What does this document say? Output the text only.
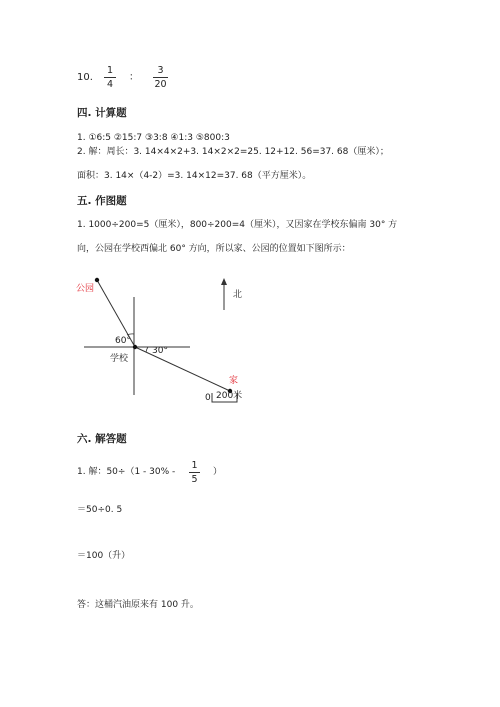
10.
1
4
：
3
20
四. 计算题
1. ①6:5 ②15:7 ③3:8 ④1:3 ⑤800:3
2. 解：周长：3. 14×4×2+3. 14×2×2=25. 12+12. 56=37. 68（厘米）；
面积：3. 14×（4-2）=3. 14×12=37. 68（平方厘米）。
五. 作图题
1. 1000÷200=5（厘米），800÷200=4（厘米），又因家在学校东偏南 30° 方
向，公园在学校西偏北 60° 方向，所以家、公园的位置如下图所示：
公园
学校
家
北
60°
30°
0 200米
六. 解答题
1. 解：50÷（1 - 30% -
1
5
）
＝50÷0. 5
＝100（升）
答：这桶汽油原来有 100 升。
